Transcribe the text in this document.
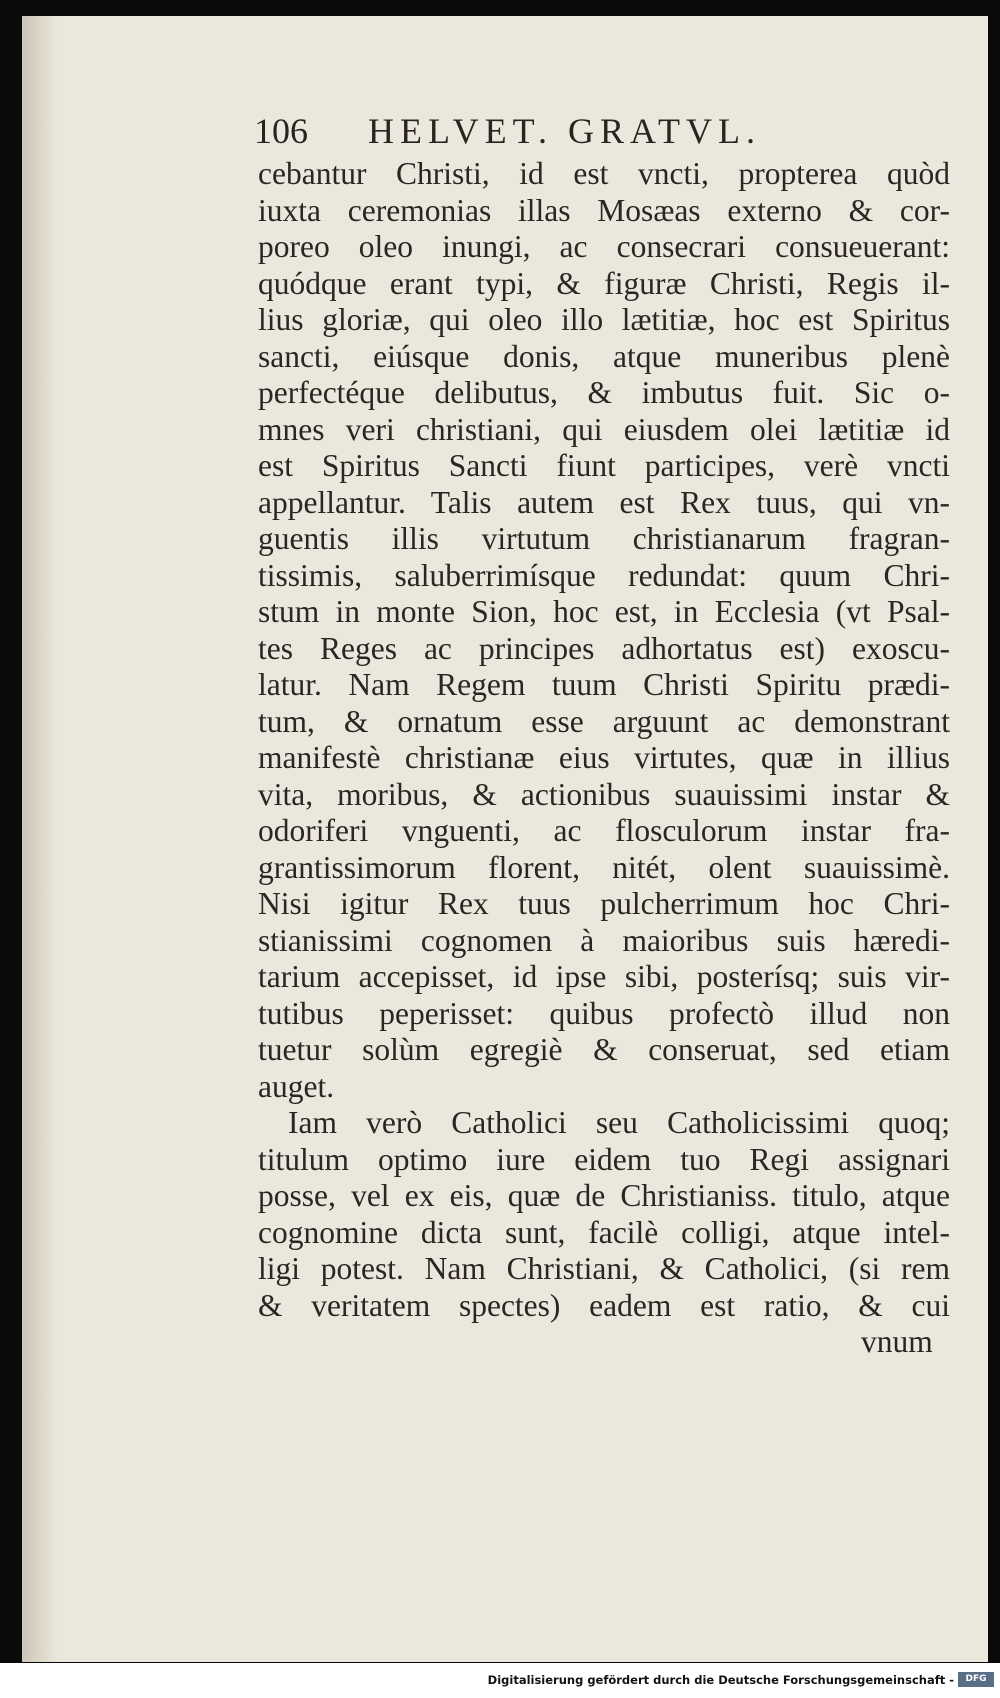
106 HELVET. GRATVL.
cebantur Christi, id est vncti, propterea quòd
iuxta ceremonias illas Mosæas externo & cor-
poreo oleo inungi, ac consecrari consueuerant:
quódque erant typi, & figuræ Christi, Regis il-
lius gloriæ, qui oleo illo lætitiæ, hoc est Spiritus
sancti, eiúsque donis, atque muneribus plenè
perfectéque delibutus, & imbutus fuit. Sic o-
mnes veri christiani, qui eiusdem olei lætitiæ id
est Spiritus Sancti fiunt participes, verè vncti
appellantur. Talis autem est Rex tuus, qui vn-
guentis illis virtutum christianarum fragran-
tissimis, saluberrimísque redundat: quum Chri-
stum in monte Sion, hoc est, in Ecclesia (vt Psal-
tes Reges ac principes adhortatus est) exoscu-
latur. Nam Regem tuum Christi Spiritu prædi-
tum, & ornatum esse arguunt ac demonstrant
manifestè christianæ eius virtutes, quæ in illius
vita, moribus, & actionibus suauissimi instar &
odoriferi vnguenti, ac flosculorum instar fra-
grantissimorum florent, nitét, olent suauissimè.
Nisi igitur Rex tuus pulcherrimum hoc Chri-
stianissimi cognomen à maioribus suis hæredi-
tarium accepisset, id ipse sibi, posterísq; suis vir-
tutibus peperisset: quibus profectò illud non
tuetur solùm egregiè & conseruat, sed etiam
auget.
Iam verò Catholici seu Catholicissimi quoq;
titulum optimo iure eidem tuo Regi assignari
posse, vel ex eis, quæ de Christianiss. titulo, atque
cognomine dicta sunt, facilè colligi, atque intel-
ligi potest. Nam Christiani, & Catholici, (si rem
& veritatem spectes) eadem est ratio, & cui
vnum
Digitalisierung gefördert durch die Deutsche Forschungsgemeinschaft -	DFG
